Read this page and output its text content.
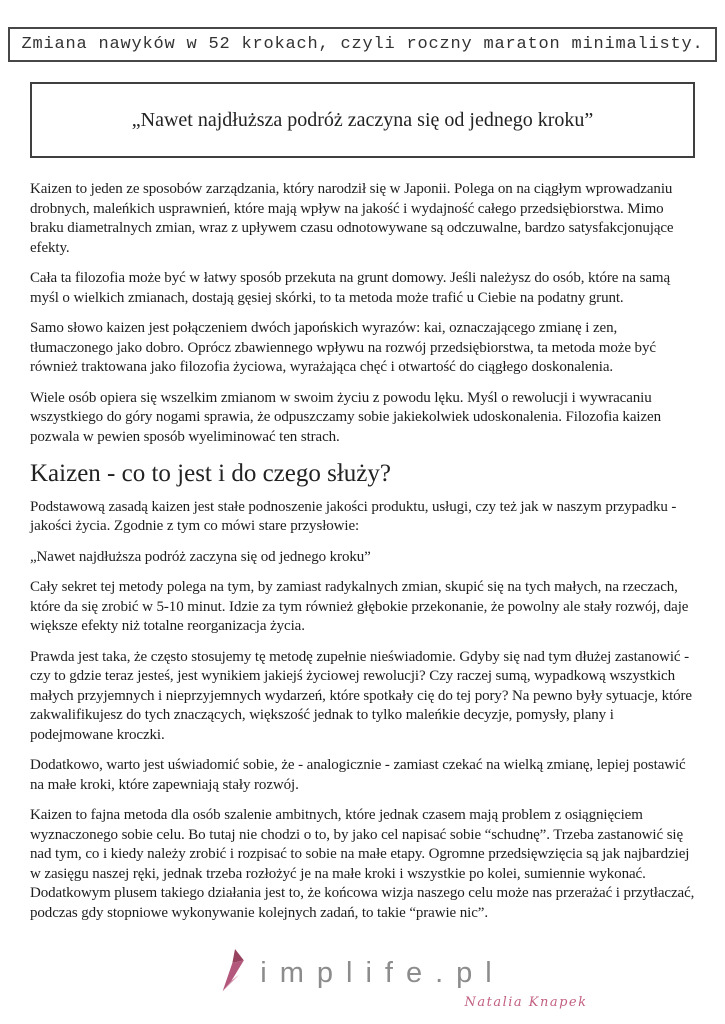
Zmiana nawyków w 52 krokach, czyli roczny maraton minimalisty.
„Nawet najdłuższa podróż zaczyna się od jednego kroku”

Kaizen to jeden ze sposobów zarządzania, który narodził się w Japonii. Polega on na ciągłym wprowadzaniu drobnych, maleńkich usprawnień, które mają wpływ na jakość i wydajność całego przedsiębiorstwa. Mimo braku diametralnych zmian, wraz z upływem czasu odnotowywane są odczuwalne, bardzo satysfakcjonujące efekty.

Cała ta filozofia może być w łatwy sposób przekuta na grunt domowy. Jeśli należysz do osób, które na samą myśl o wielkich zmianach, dostają gęsiej skórki, to ta metoda może trafić u Ciebie na podatny grunt.

Samo słowo kaizen jest połączeniem dwóch japońskich wyrazów: kai, oznaczającego zmianę i zen, tłumaczonego jako dobro. Oprócz zbawiennego wpływu na rozwój przedsiębiorstwa, ta metoda może być również traktowana jako filozofia życiowa, wyrażająca chęć i otwartość do ciągłego doskonalenia.

Wiele osób opiera się wszelkim zmianom w swoim życiu z powodu lęku. Myśl o rewolucji i wywracaniu wszystkiego do góry nogami sprawia, że odpuszczamy sobie jakiekolwiek udoskonalenia. Filozofia kaizen pozwala w pewien sposób wyeliminować ten strach.

Kaizen - co to jest i do czego służy?

Podstawową zasadą kaizen jest stałe podnoszenie jakości produktu, usługi, czy też jak w naszym przypadku - jakości życia. Zgodnie z tym co mówi stare przysłowie:

„Nawet najdłuższa podróż zaczyna się od jednego kroku”

Cały sekret tej metody polega na tym, by zamiast radykalnych zmian, skupić się na tych małych, na rzeczach, które da się zrobić w 5-10 minut. Idzie za tym również głębokie przekonanie, że powolny ale stały rozwój, daje większe efekty niż totalne reorganizacja życia.

Prawda jest taka, że często stosujemy tę metodę zupełnie nieświadomie. Gdyby się nad tym dłużej zastanowić - czy to gdzie teraz jesteś, jest wynikiem jakiejś życiowej rewolucji? Czy raczej sumą, wypadkową wszystkich małych przyjemnych i nieprzyjemnych wydarzeń, które spotkały cię do tej pory? Na pewno były sytuacje, które zakwalifikujesz do tych znaczących, większość jednak to tylko maleńkie decyzje, pomysły, plany i podejmowane kroczki.

Dodatkowo, warto jest uświadomić sobie, że - analogicznie - zamiast czekać na wielką zmianę, lepiej postawić na małe kroki, które zapewniają stały rozwój.

Kaizen to fajna metoda dla osób szalenie ambitnych, które jednak czasem mają problem z osiągnięciem wyznaczonego sobie celu. Bo tutaj nie chodzi o to, by jako cel napisać sobie “schudnę”. Trzeba zastanowić się nad tym, co i kiedy należy zrobić i rozpisać to sobie na małe etapy. Ogromne przedsięwzięcia są jak najbardziej w zasięgu naszej ręki, jednak trzeba rozłożyć je na małe kroki i wszystkie po kolei, sumiennie wykonać. Dodatkowym plusem takiego działania jest to, że końcowa wizja naszego celu może nas przerażać i przytłaczać, podczas gdy stopniowe wykonywanie kolejnych zadań, to takie “prawie nic”.

implife.pl
Natalia Knapek
